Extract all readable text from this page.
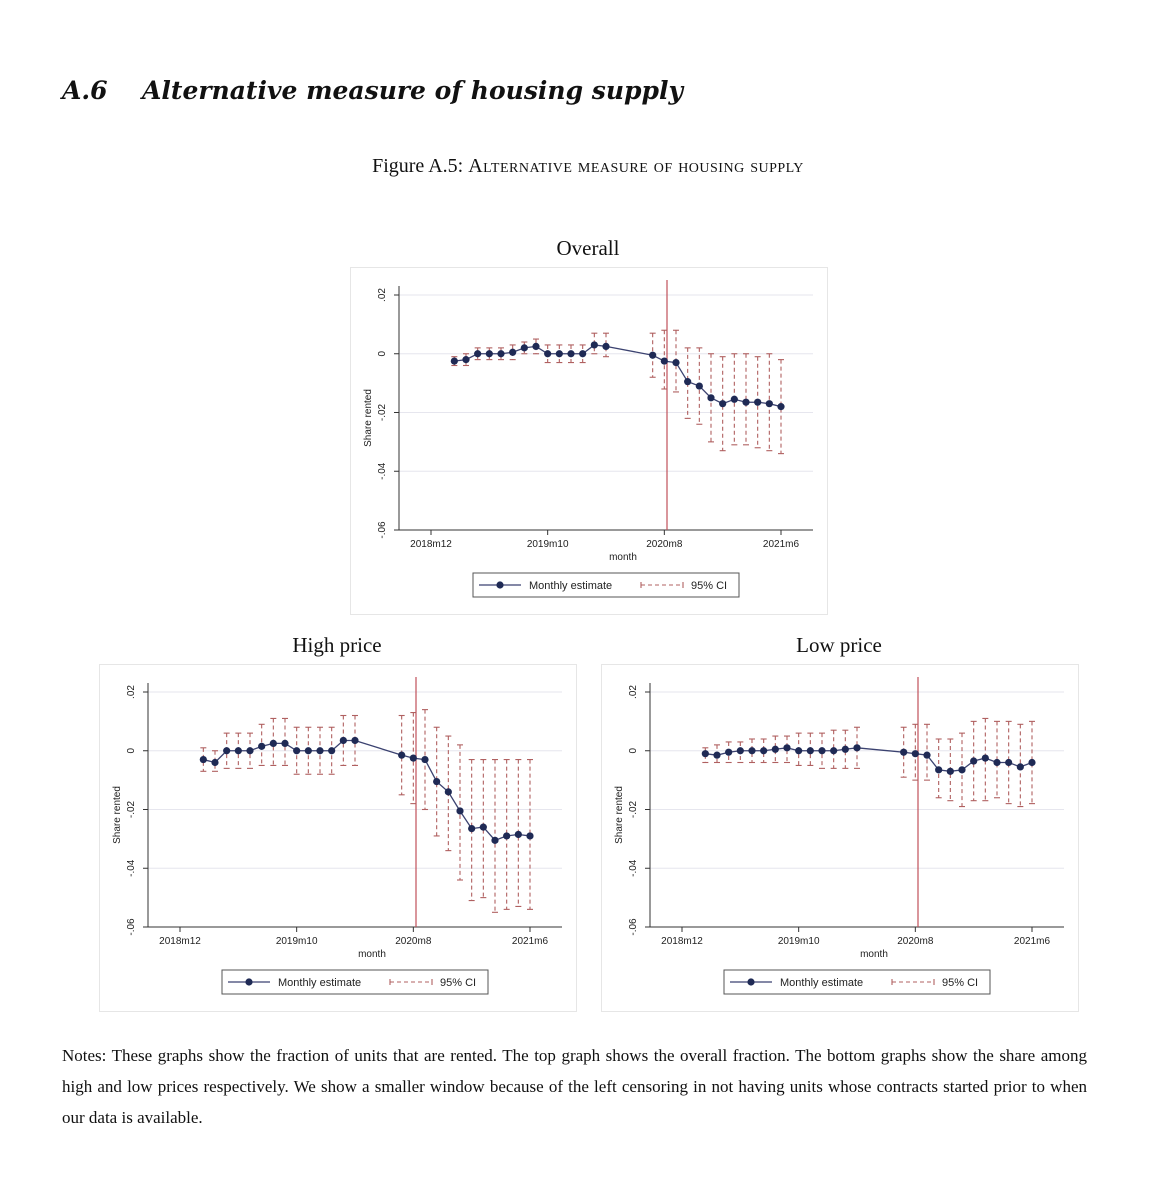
A.6 Alternative measure of housing supply
Figure A.5: Alternative measure of housing supply
Overall
.02
0
-.02
-.04
-.06
2018m12	2019m10	2020m8	2021m6
month
Share rented
Monthly estimate	95% CI
High price
.02
0
-.02
-.04
-.06
2018m12	2019m10	2020m8	2021m6
month
Share rented
Monthly estimate	95% CI
Low price
.02
0
-.02
-.04
-.06
2018m12	2019m10	2020m8	2021m6
month
Share rented
Monthly estimate	95% CI
Notes: These graphs show the fraction of units that are rented. The top graph shows the overall fraction. The bottom graphs show the share among high and low prices respectively. We show a smaller window because of the left censoring in not having units whose contracts started prior to when our data is available.
